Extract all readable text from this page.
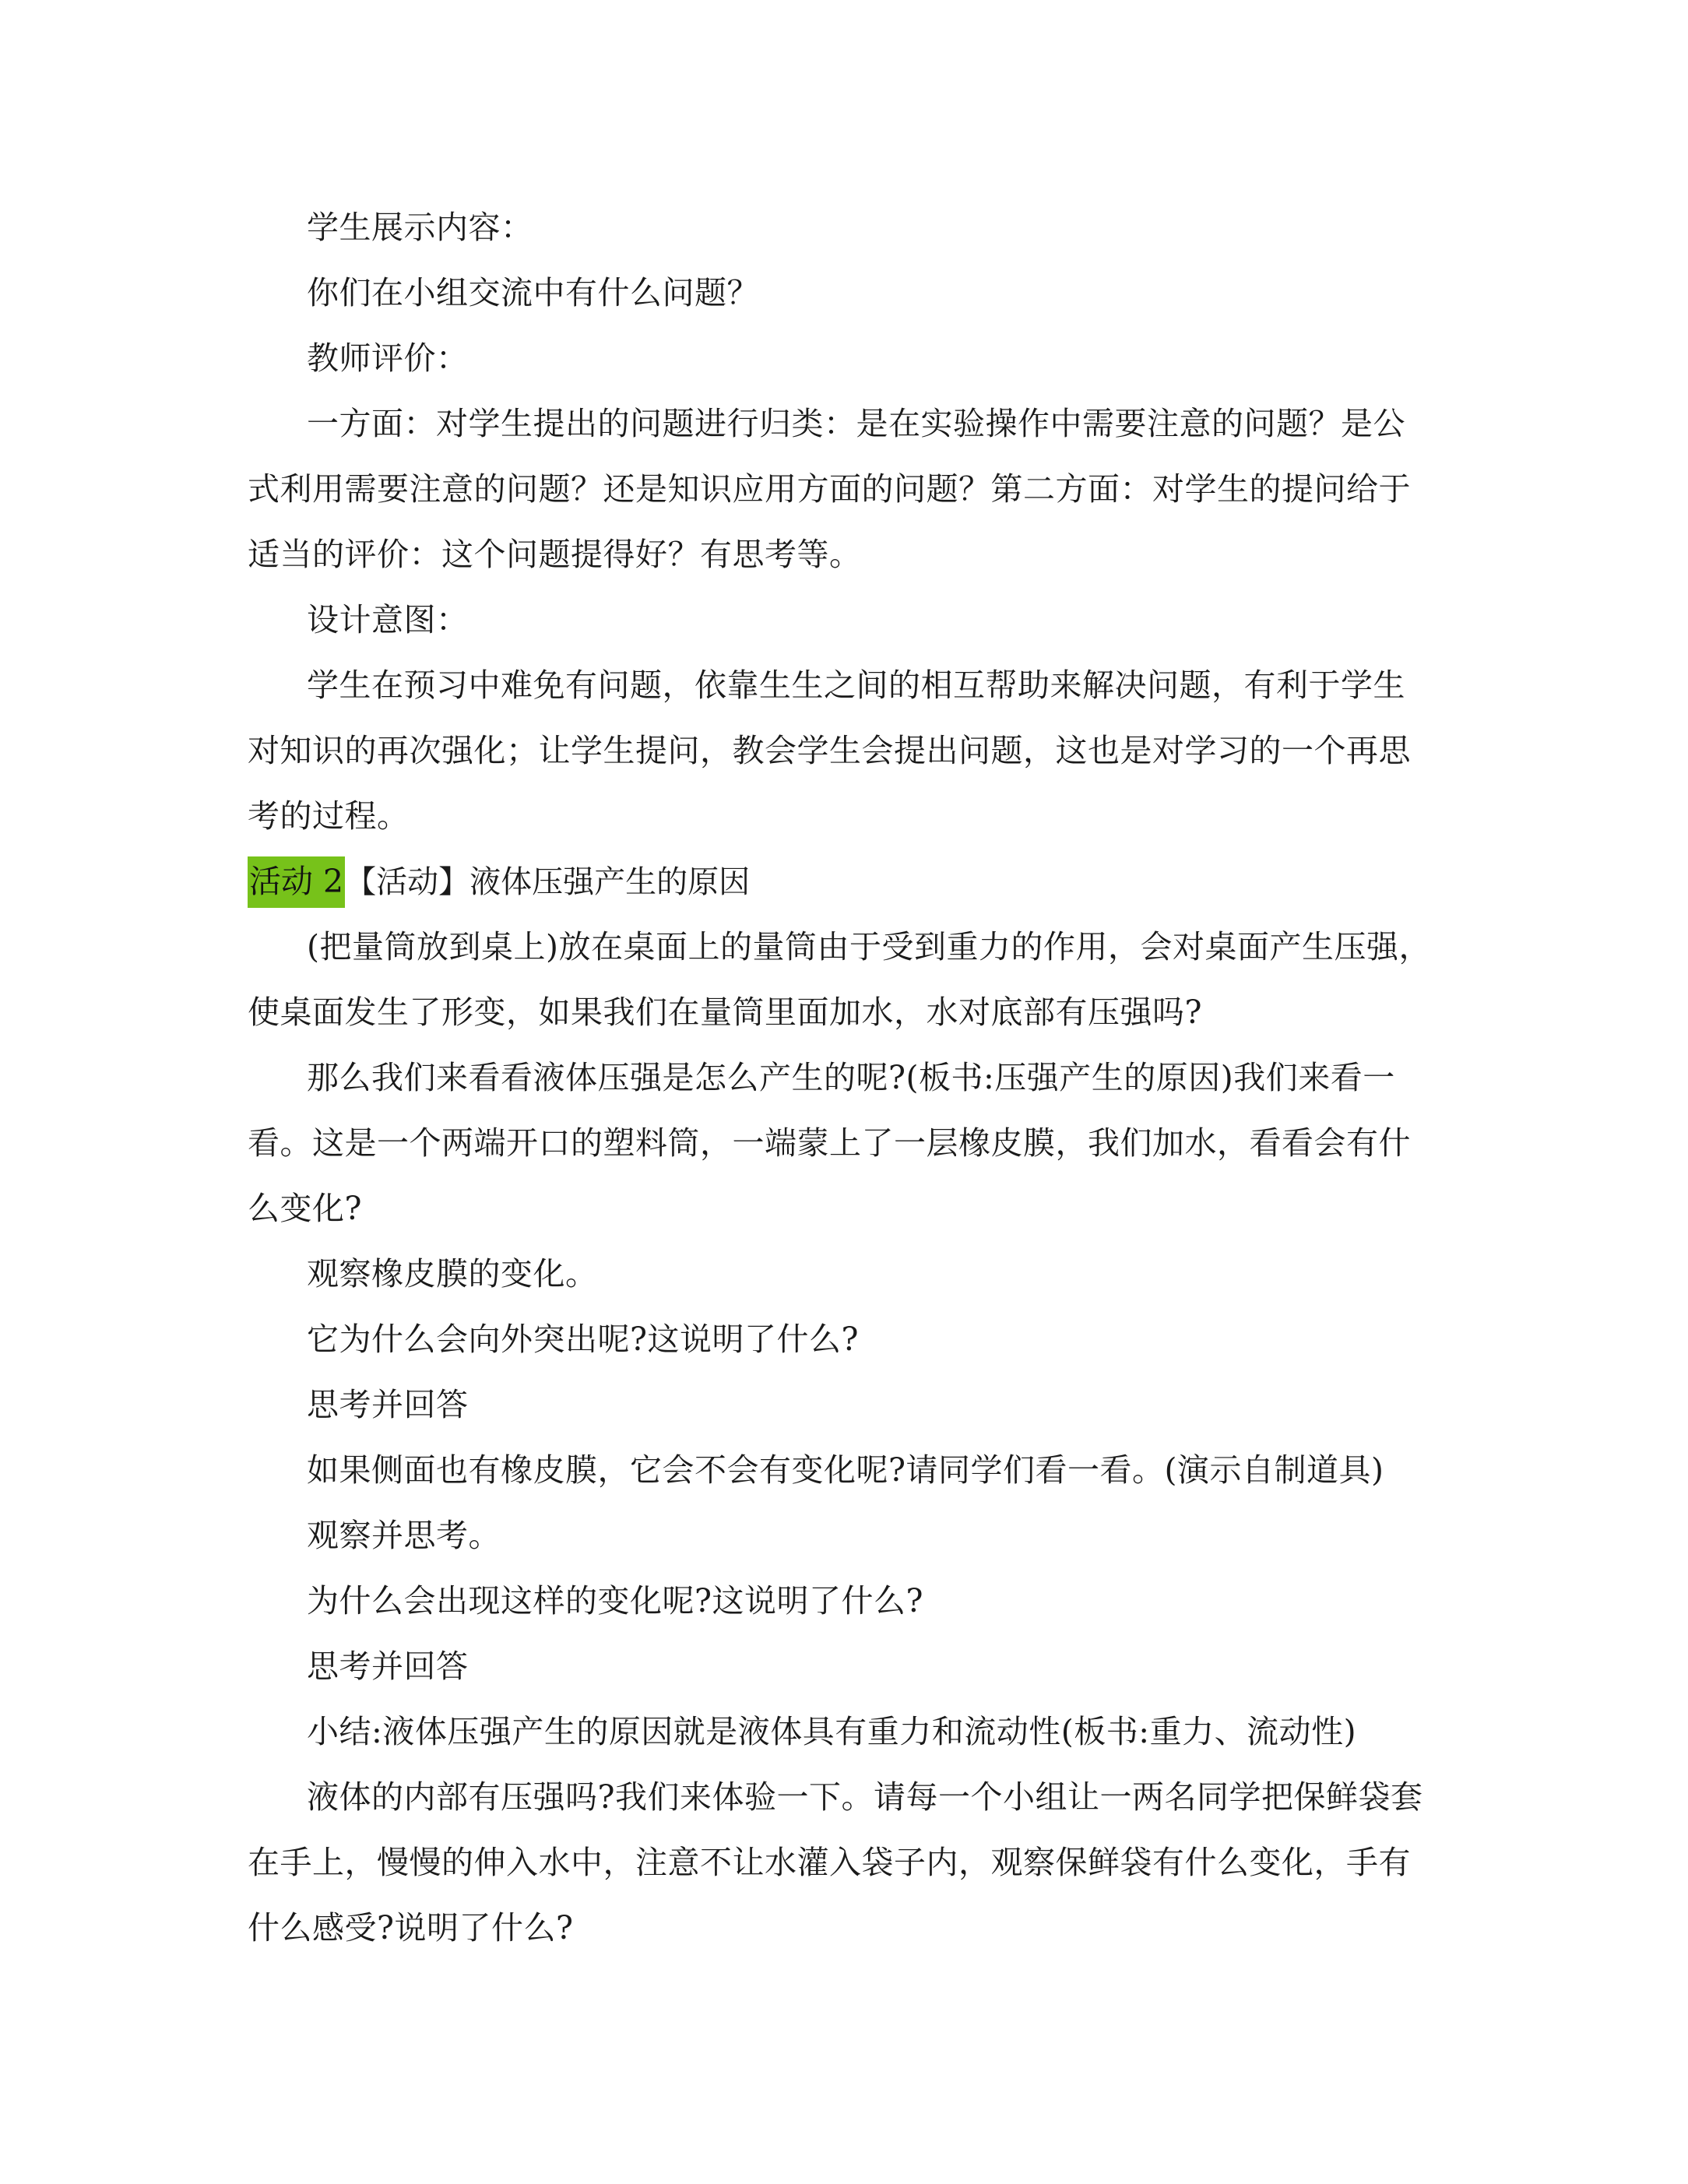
学生展示内容：
你们在小组交流中有什么问题？
教师评价：
一方面：对学生提出的问题进行归类：是在实验操作中需要注意的问题？是公
式利用需要注意的问题？还是知识应用方面的问题？第二方面：对学生的提问给于
适当的评价：这个问题提得好？有思考等。
设计意图：
学生在预习中难免有问题，依靠生生之间的相互帮助来解决问题，有利于学生
对知识的再次强化；让学生提问，教会学生会提出问题，这也是对学习的一个再思
考的过程。
活动 2【活动】液体压强产生的原因
(把量筒放到桌上)放在桌面上的量筒由于受到重力的作用，会对桌面产生压强，
使桌面发生了形变，如果我们在量筒里面加水，水对底部有压强吗?
那么我们来看看液体压强是怎么产生的呢?(板书:压强产生的原因)我们来看一
看。这是一个两端开口的塑料筒，一端蒙上了一层橡皮膜，我们加水，看看会有什
么变化?
观察橡皮膜的变化。
它为什么会向外突出呢?这说明了什么?
思考并回答
如果侧面也有橡皮膜，它会不会有变化呢?请同学们看一看。(演示自制道具)
观察并思考。
为什么会出现这样的变化呢?这说明了什么?
思考并回答
小结:液体压强产生的原因就是液体具有重力和流动性(板书:重力、流动性)
液体的内部有压强吗?我们来体验一下。请每一个小组让一两名同学把保鲜袋套
在手上，慢慢的伸入水中，注意不让水灌入袋子内，观察保鲜袋有什么变化，手有
什么感受?说明了什么?
